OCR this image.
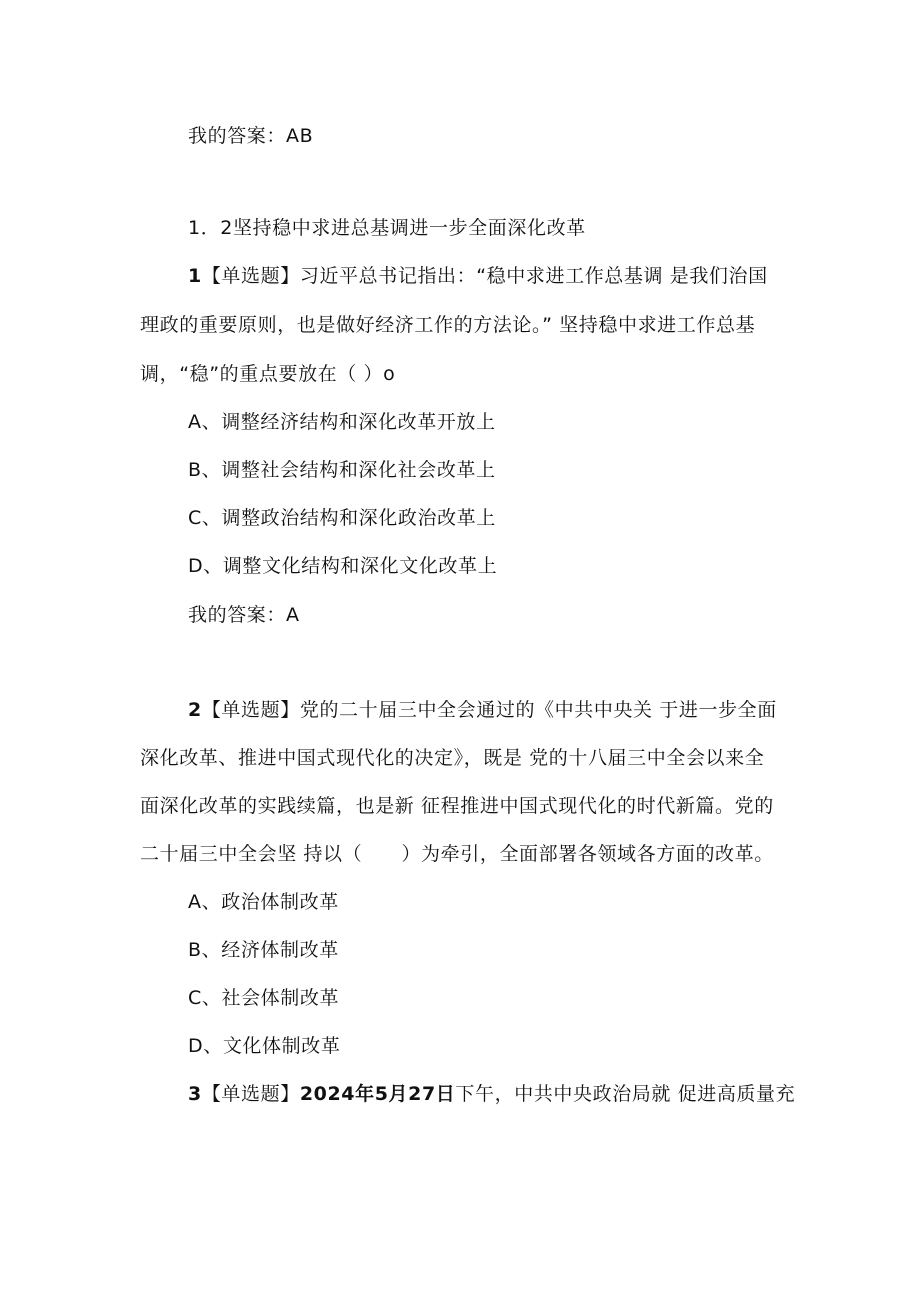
我的答案：AB
1．2坚持稳中求进总基调进一步全面深化改革
1【单选题】习近平总书记指出：“稳中求进工作总基调 是我们治国
理政的重要原则，也是做好经济工作的方法论。” 坚持稳中求进工作总基
调，“稳”的重点要放在（ ）o
A、调整经济结构和深化改革开放上
B、调整社会结构和深化社会改革上
C、调整政治结构和深化政治改革上
D、调整文化结构和深化文化改革上
我的答案：A
2【单选题】党的二十届三中全会通过的《中共中央关 于进一步全面
深化改革、推进中国式现代化的决定》，既是 党的十八届三中全会以来全
面深化改革的实践续篇，也是新 征程推进中国式现代化的时代新篇。党的
二十届三中全会坚 持以（　　）为牵引，全面部署各领域各方面的改革。
A、政治体制改革
B、经济体制改革
C、社会体制改革
D、文化体制改革
3【单选题】2024年5月27日下午，中共中央政治局就 促进高质量充
